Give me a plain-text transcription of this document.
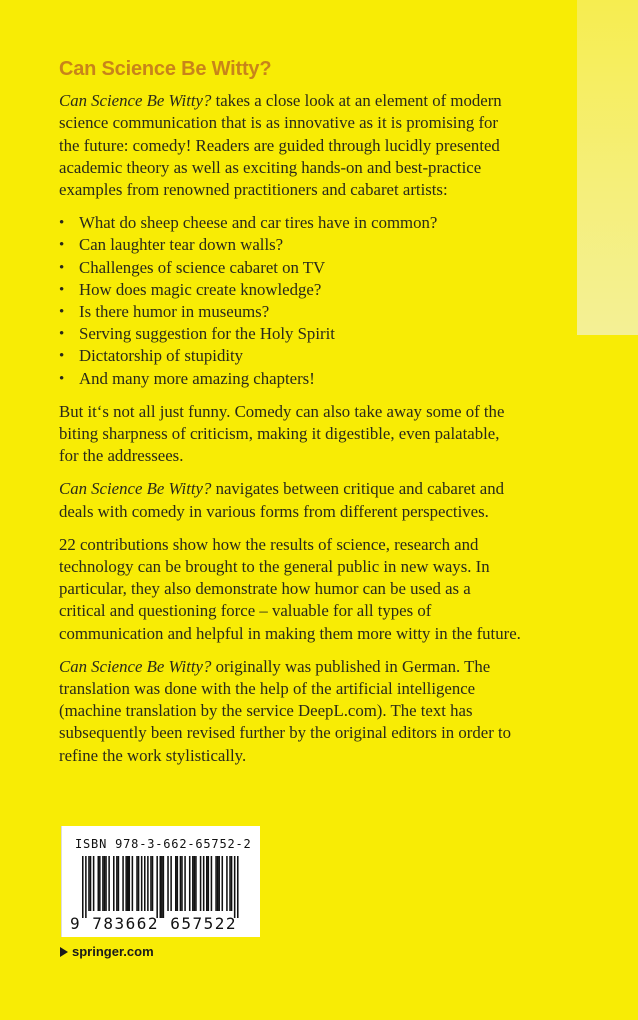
Can Science Be Witty?

Can Science Be Witty? takes a close look at an element of modern science communication that is as innovative as it is promising for the future: comedy! Readers are guided through lucidly presented academic theory as well as exciting hands-on and best-practice examples from renowned practitioners and cabaret artists:

• What do sheep cheese and car tires have in common?
• Can laughter tear down walls?
• Challenges of science cabaret on TV
• How does magic create knowledge?
• Is there humor in museums?
• Serving suggestion for the Holy Spirit
• Dictatorship of stupidity
• And many more amazing chapters!

But it‘s not all just funny. Comedy can also take away some of the biting sharpness of criticism, making it digestible, even palatable, for the addressees.

Can Science Be Witty? navigates between critique and cabaret and deals with comedy in various forms from different perspectives.

22 contributions show how the results of science, research and technology can be brought to the general public in new ways. In particular, they also demonstrate how humor can be used as a critical and questioning force – valuable for all types of communication and helpful in making them more witty in the future.

Can Science Be Witty? originally was published in German. The translation was done with the help of the artificial intelligence (machine translation by the service DeepL.com). The text has subsequently been revised further by the original editors in order to refine the work stylistically.

ISBN 978-3-662-65752-2
9 783662 657522
springer.com
